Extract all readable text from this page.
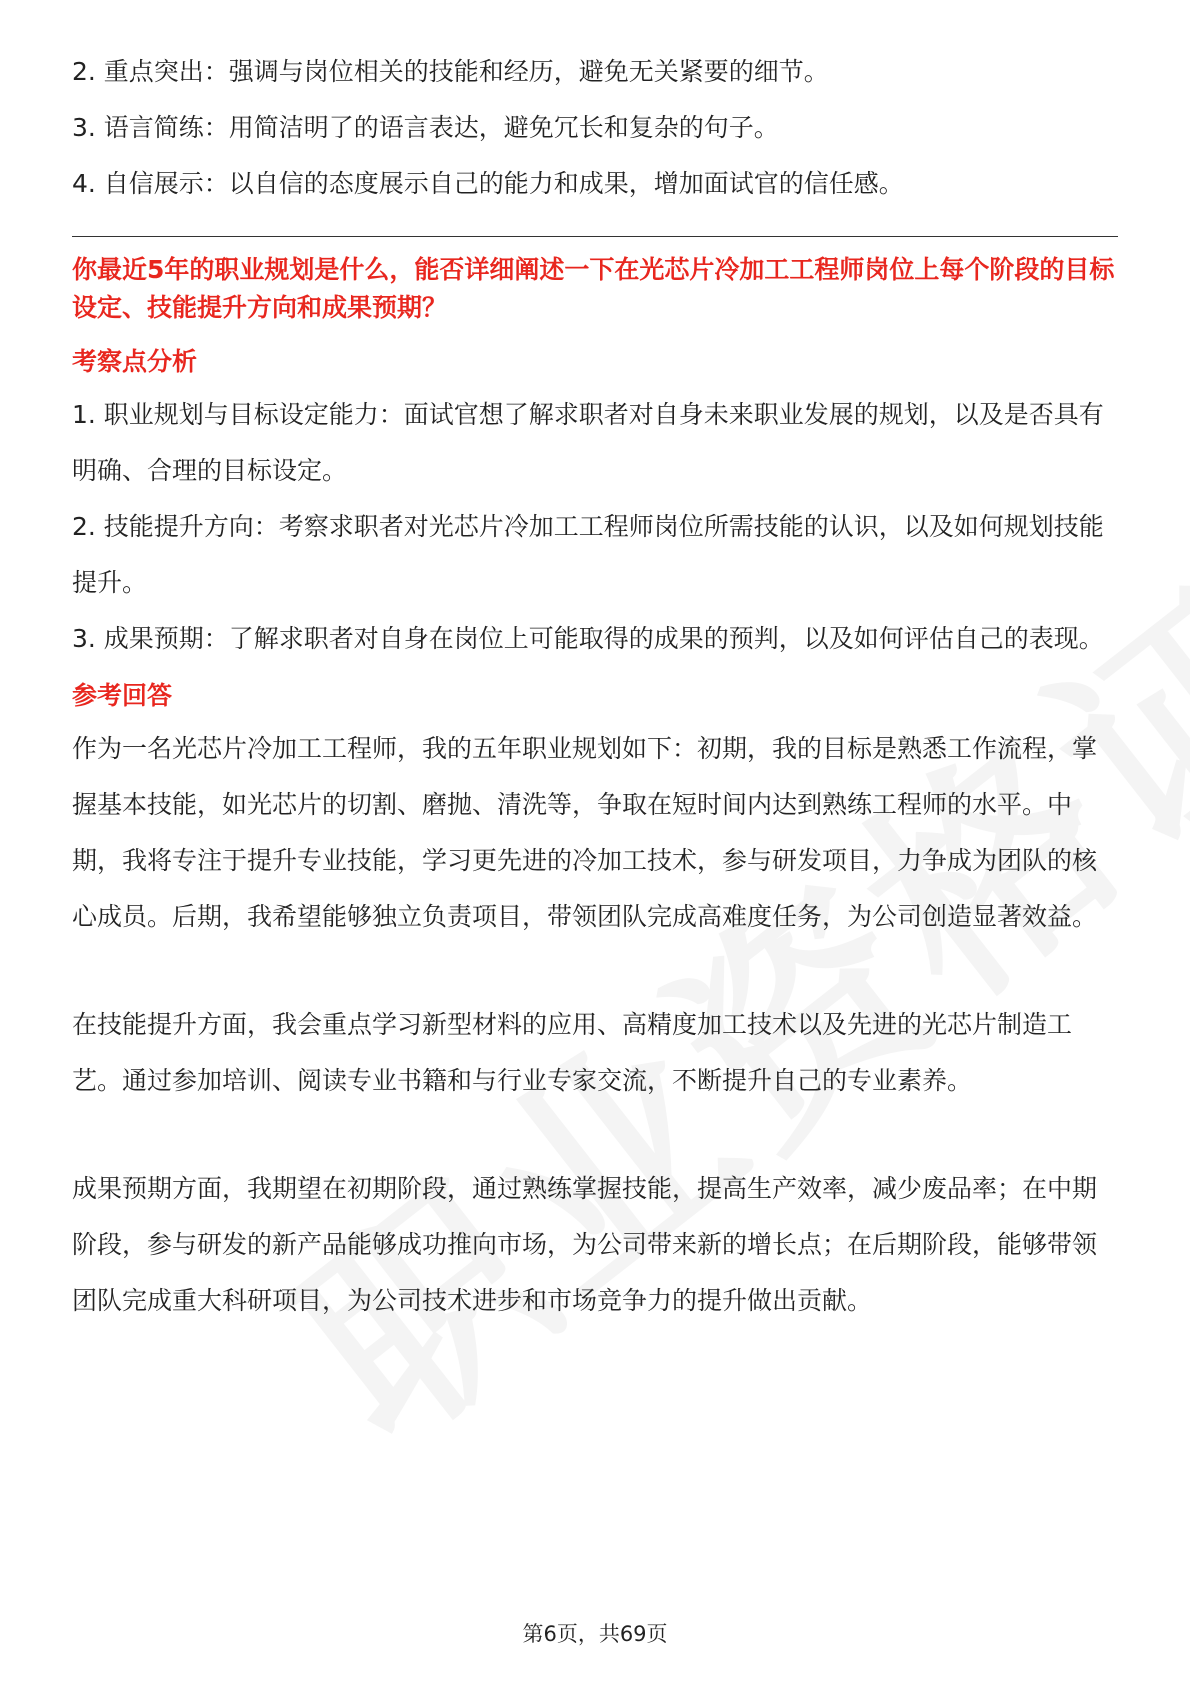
2. 重点突出：强调与岗位相关的技能和经历，避免无关紧要的细节。

3. 语言简练：用简洁明了的语言表达，避免冗长和复杂的句子。

4. 自信展示：以自信的态度展示自己的能力和成果，增加面试官的信任感。

你最近5年的职业规划是什么，能否详细阐述一下在光芯片冷加工工程师岗位上每个阶段的目标设定、技能提升方向和成果预期？

考察点分析

1. 职业规划与目标设定能力：面试官想了解求职者对自身未来职业发展的规划，以及是否具有明确、合理的目标设定。

2. 技能提升方向：考察求职者对光芯片冷加工工程师岗位所需技能的认识，以及如何规划技能提升。

3. 成果预期：了解求职者对自身在岗位上可能取得的成果的预判，以及如何评估自己的表现。

参考回答

作为一名光芯片冷加工工程师，我的五年职业规划如下：初期，我的目标是熟悉工作流程，掌握基本技能，如光芯片的切割、磨抛、清洗等，争取在短时间内达到熟练工程师的水平。中期，我将专注于提升专业技能，学习更先进的冷加工技术，参与研发项目，力争成为团队的核心成员。后期，我希望能够独立负责项目，带领团队完成高难度任务，为公司创造显著效益。

在技能提升方面，我会重点学习新型材料的应用、高精度加工技术以及先进的光芯片制造工艺。通过参加培训、阅读专业书籍和与行业专家交流，不断提升自己的专业素养。

成果预期方面，我期望在初期阶段，通过熟练掌握技能，提高生产效率，减少废品率；在中期阶段，参与研发的新产品能够成功推向市场，为公司带来新的增长点；在后期阶段，能够带领团队完成重大科研项目，为公司技术进步和市场竞争力的提升做出贡献。

第6页，共69页
